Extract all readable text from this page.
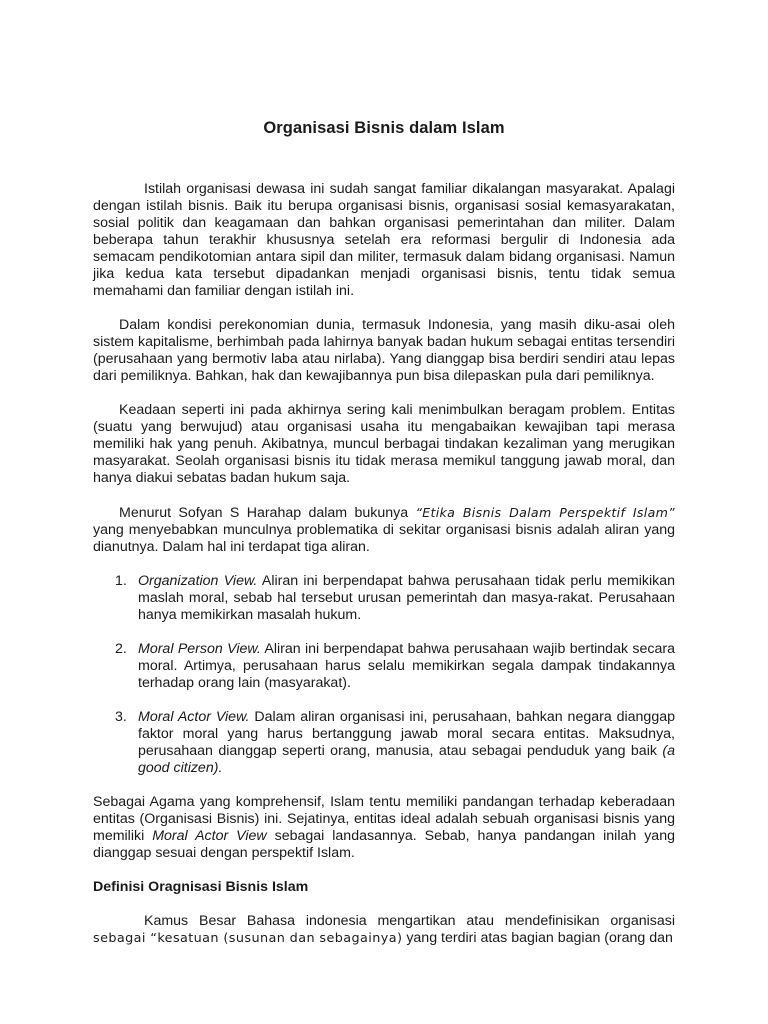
Organisasi Bisnis dalam Islam

Istilah organisasi dewasa ini sudah sangat familiar dikalangan masyarakat. Apalagi dengan istilah bisnis. Baik itu berupa organisasi bisnis, organisasi sosial kemasyarakatan, sosial politik dan keagamaan dan bahkan organisasi pemerintahan dan militer. Dalam beberapa tahun terakhir khususnya setelah era reformasi bergulir di Indonesia ada semacam pendikotomian antara sipil dan militer, termasuk dalam bidang organisasi. Namun jika kedua kata tersebut dipadankan menjadi organisasi bisnis, tentu tidak semua memahami dan familiar dengan istilah ini.

Dalam kondisi perekonomian dunia, termasuk Indonesia, yang masih diku-asai oleh sistem kapitalisme, berhimbah pada lahirnya banyak badan hukum sebagai entitas tersendiri (perusahaan yang bermotiv laba atau nirlaba). Yang dianggap bisa berdiri sendiri atau lepas dari pemiliknya. Bahkan, hak dan kewajibannya pun bisa dilepaskan pula dari pemiliknya.

Keadaan seperti ini pada akhirnya sering kali menimbulkan beragam problem. Entitas (suatu yang berwujud) atau organisasi usaha itu mengabaikan kewajiban tapi merasa memiliki hak yang penuh. Akibatnya, muncul berbagai tindakan kezaliman yang merugikan masyarakat. Seolah organisasi bisnis itu tidak merasa memikul tanggung jawab moral, dan hanya diakui sebatas badan hukum saja.

Menurut Sofyan S Harahap dalam bukunya “Etika Bisnis Dalam Perspektif Islam” yang menyebabkan munculnya problematika di sekitar organisasi bisnis adalah aliran yang dianutnya. Dalam hal ini terdapat tiga aliran.

1. Organization View. Aliran ini berpendapat bahwa perusahaan tidak perlu memikikan maslah moral, sebab hal tersebut urusan pemerintah dan masya-rakat. Perusahaan hanya memikirkan masalah hukum.
2. Moral Person View. Aliran ini berpendapat bahwa perusahaan wajib bertindak secara moral. Artimya, perusahaan harus selalu memikirkan segala dampak tindakannya terhadap orang lain (masyarakat).
3. Moral Actor View. Dalam aliran organisasi ini, perusahaan, bahkan negara dianggap faktor moral yang harus bertanggung jawab moral secara entitas. Maksudnya, perusahaan dianggap seperti orang, manusia, atau sebagai penduduk yang baik (a good citizen).

Sebagai Agama yang komprehensif, Islam tentu memiliki pandangan terhadap keberadaan entitas (Organisasi Bisnis) ini. Sejatinya, entitas ideal adalah sebuah organisasi bisnis yang memiliki Moral Actor View sebagai landasannya. Sebab, hanya pandangan inilah yang dianggap sesuai dengan perspektif Islam.

Definisi Oragnisasi Bisnis Islam

Kamus Besar Bahasa indonesia mengartikan atau mendefinisikan organisasi sebagai “kesatuan (susunan dan sebagainya) yang terdiri atas bagian bagian (orang dan
